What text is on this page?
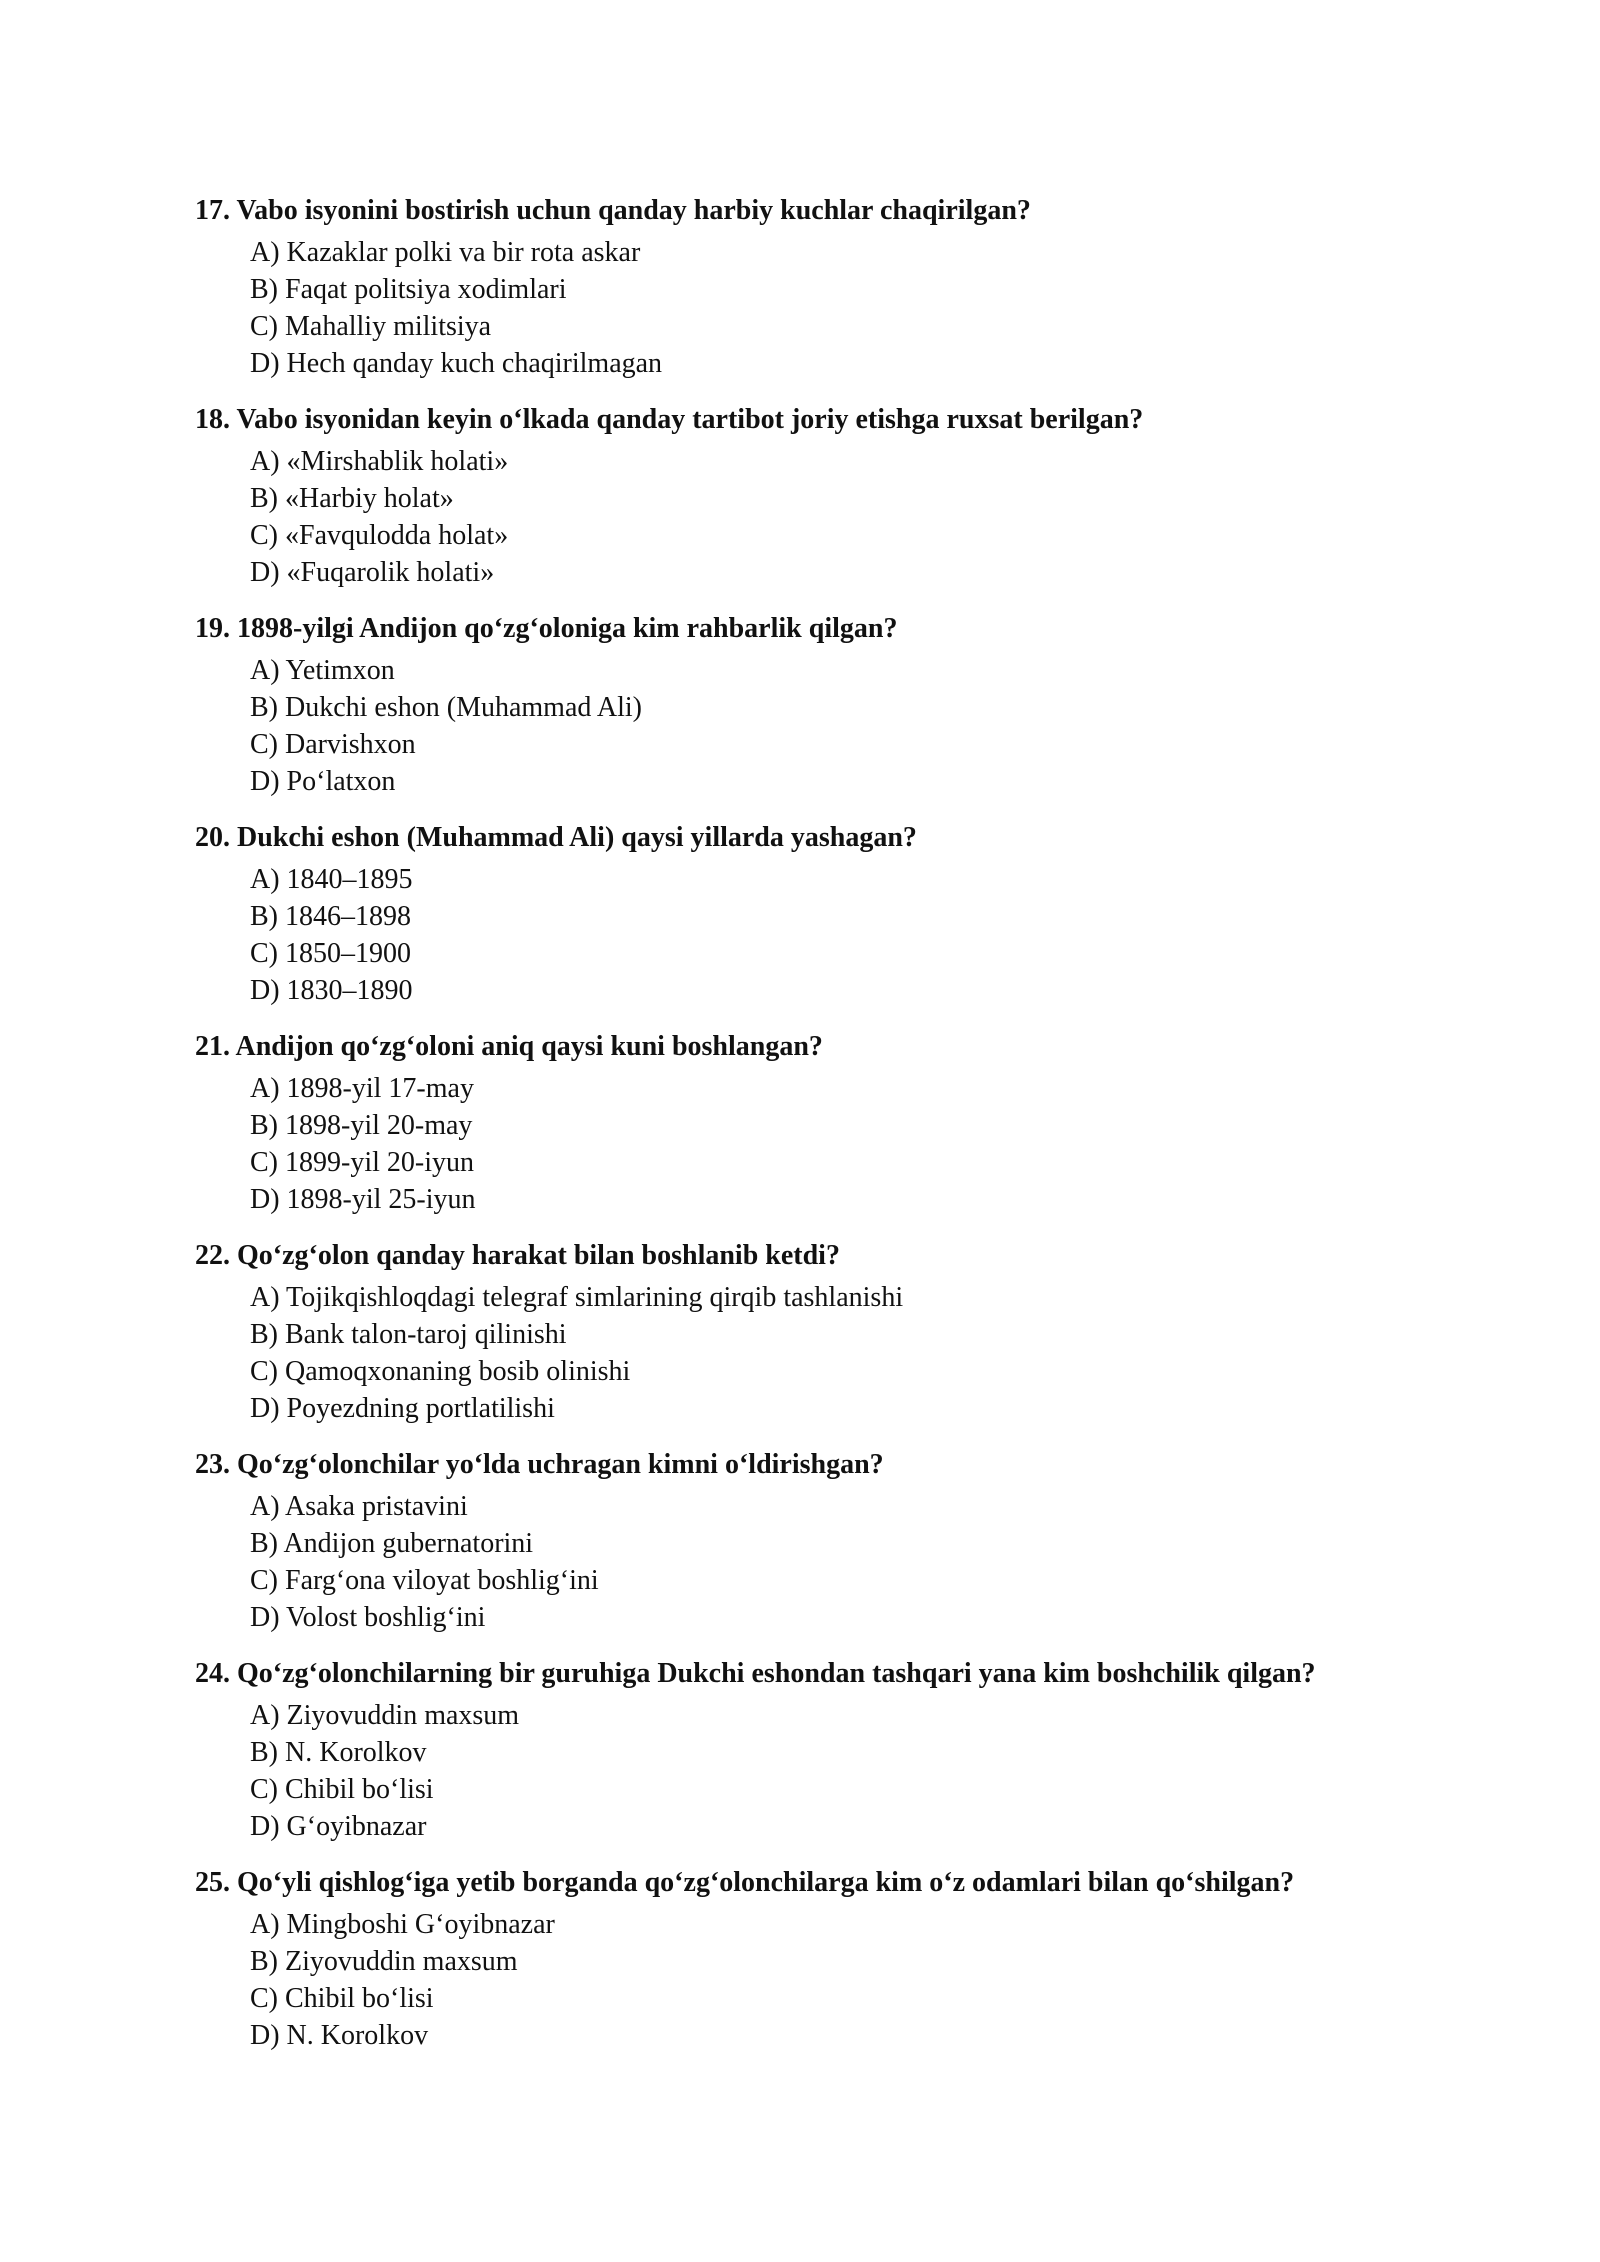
17. Vabo isyonini bostirish uchun qanday harbiy kuchlar chaqirilgan?

A) Kazaklar polki va bir rota askar
B) Faqat politsiya xodimlari
C) Mahalliy militsiya
D) Hech qanday kuch chaqirilmagan

18. Vabo isyonidan keyin o‘lkada qanday tartibot joriy etishga ruxsat berilgan?

A) «Mirshablik holati»
B) «Harbiy holat»
C) «Favqulodda holat»
D) «Fuqarolik holati»

19. 1898-yilgi Andijon qo‘zg‘oloniga kim rahbarlik qilgan?

A) Yetimxon
B) Dukchi eshon (Muhammad Ali)
C) Darvishxon
D) Po‘latxon

20. Dukchi eshon (Muhammad Ali) qaysi yillarda yashagan?

A) 1840–1895
B) 1846–1898
C) 1850–1900
D) 1830–1890

21. Andijon qo‘zg‘oloni aniq qaysi kuni boshlangan?

A) 1898-yil 17-may
B) 1898-yil 20-may
C) 1899-yil 20-iyun
D) 1898-yil 25-iyun

22. Qo‘zg‘olon qanday harakat bilan boshlanib ketdi?

A) Tojikqishloqdagi telegraf simlarining qirqib tashlanishi
B) Bank talon-taroj qilinishi
C) Qamoqxonaning bosib olinishi
D) Poyezdning portlatilishi

23. Qo‘zg‘olonchilar yo‘lda uchragan kimni o‘ldirishgan?

A) Asaka pristavini
B) Andijon gubernatorini
C) Farg‘ona viloyat boshlig‘ini
D) Volost boshlig‘ini

24. Qo‘zg‘olonchilarning bir guruhiga Dukchi eshondan tashqari yana kim boshchilik qilgan?

A) Ziyovuddin maxsum
B) N. Korolkov
C) Chibil bo‘lisi
D) G‘oyibnazar

25. Qo‘yli qishlog‘iga yetib borganda qo‘zg‘olonchilarga kim o‘z odamlari bilan qo‘shilgan?

A) Mingboshi G‘oyibnazar
B) Ziyovuddin maxsum
C) Chibil bo‘lisi
D) N. Korolkov
